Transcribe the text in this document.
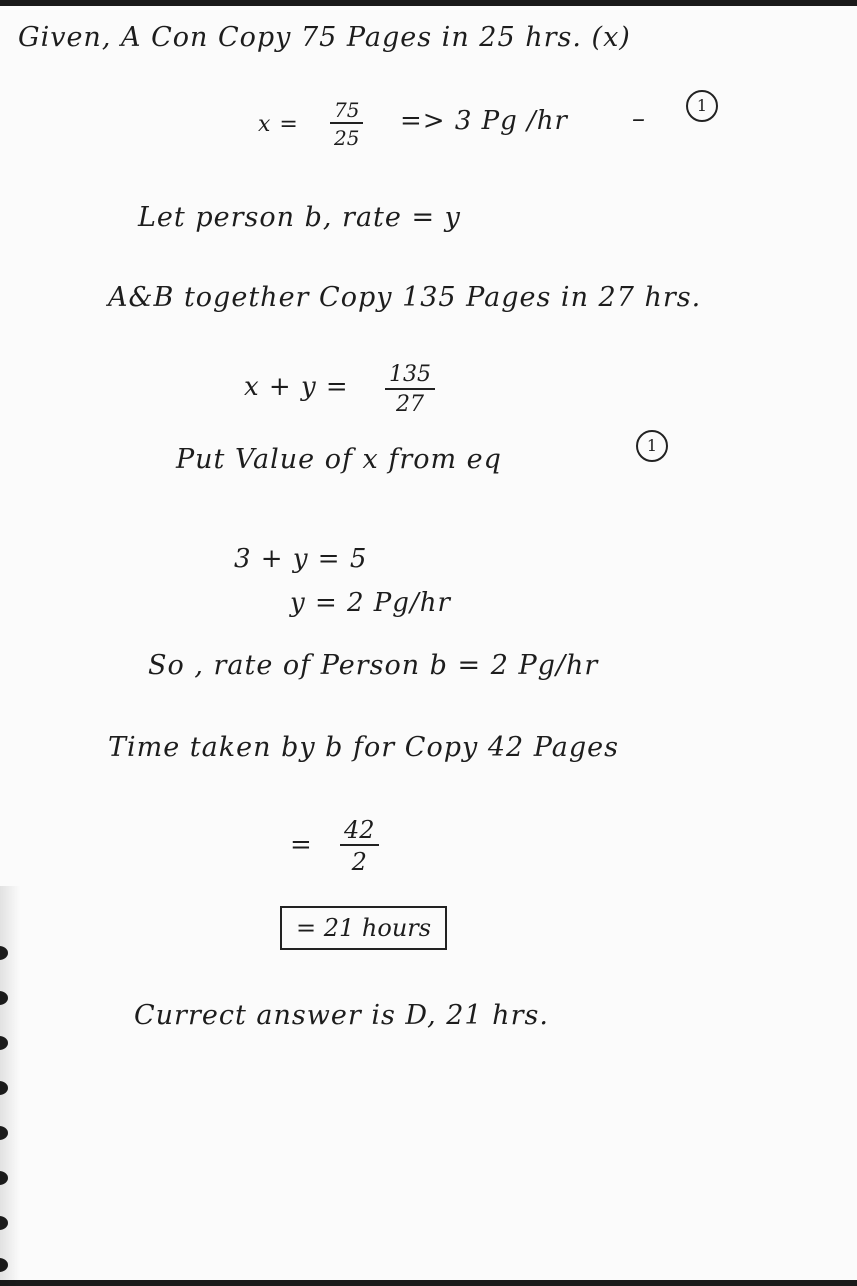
Given, A Con Copy 75 Pages in 25 hrs. (x)
$x = \frac{75}{25} => 3$ Pg /hr –	1
Let person b, rate = y
A&B together Copy 135 Pages in 27 hrs.
$x + y = \frac{135}{27}$
Put Value of x from eq	1
3 + y = 5
y = 2 Pg/hr
So , rate of Person b = 2 Pg/hr
Time taken by b for Copy 42 Pages
= $\frac{42}{2}$
= 21 hours
Currect answer is D, 21 hrs.
